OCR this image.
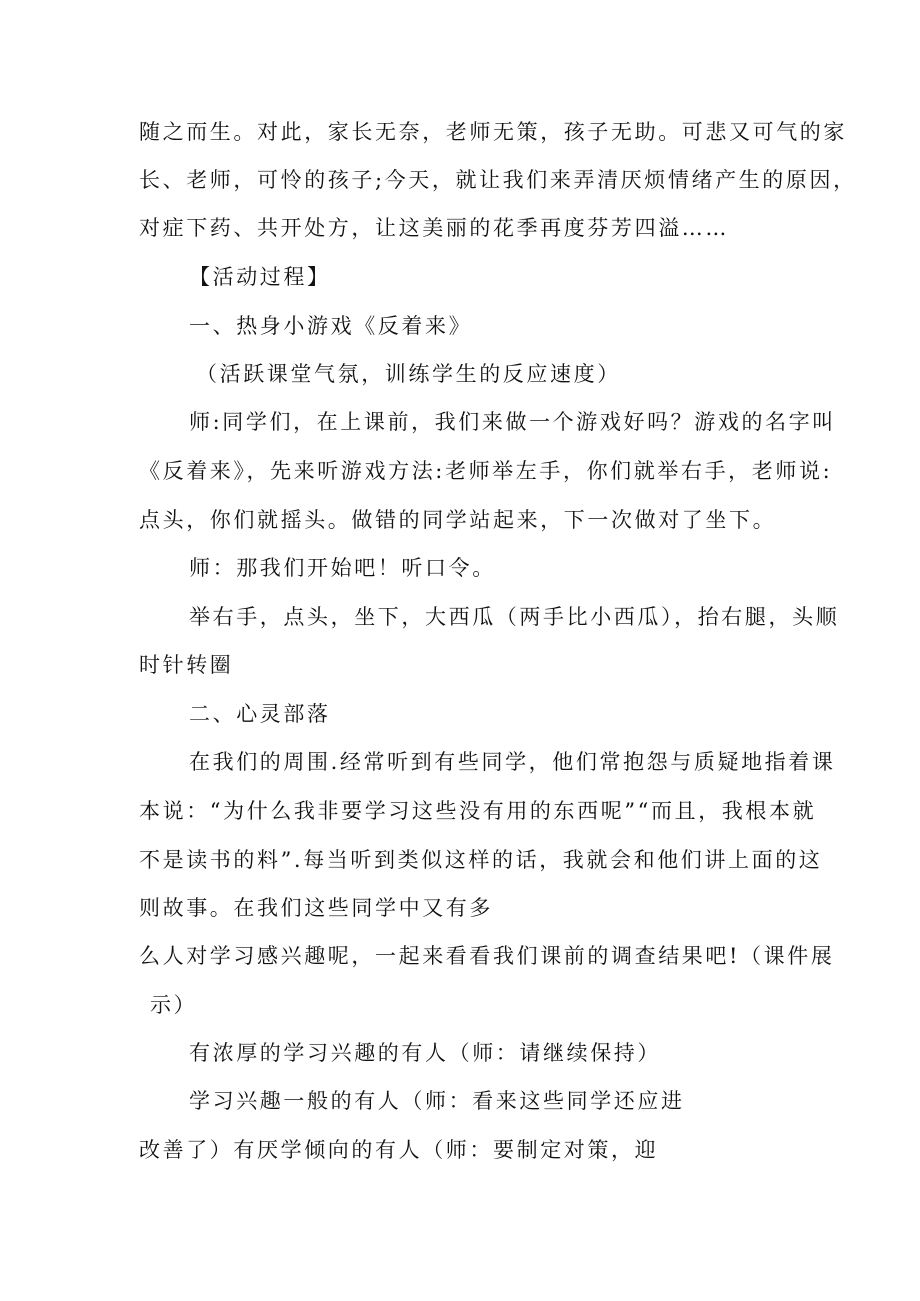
随之而生。对此，家长无奈，老师无策，孩子无助。可悲又可气的家

长、老师，可怜的孩子;今天，就让我们来弄清厌烦情绪产生的原因，

对症下药、共开处方，让这美丽的花季再度芬芳四溢……

【活动过程】

一、热身小游戏《反着来》

（活跃课堂气氛，训练学生的反应速度）

师:同学们，在上课前，我们来做一个游戏好吗？游戏的名字叫

《反着来》，先来听游戏方法:老师举左手，你们就举右手，老师说:

点头，你们就摇头。做错的同学站起来，下一次做对了坐下。

师：那我们开始吧！听口令。

举右手，点头，坐下，大西瓜（两手比小西瓜），抬右腿，头顺

时针转圈

二、心灵部落

在我们的周围.经常听到有些同学，他们常抱怨与质疑地指着课

本说：“为什么我非要学习这些没有用的东西呢”“而且，我根本就

不是读书的料”.每当听到类似这样的话，我就会和他们讲上面的这

则故事。在我们这些同学中又有多

么人对学习感兴趣呢，一起来看看我们课前的调查结果吧!（课件展

示）

有浓厚的学习兴趣的有人（师：请继续保持）

学习兴趣一般的有人（师：看来这些同学还应进

改善了）有厌学倾向的有人（师：要制定对策，迎
